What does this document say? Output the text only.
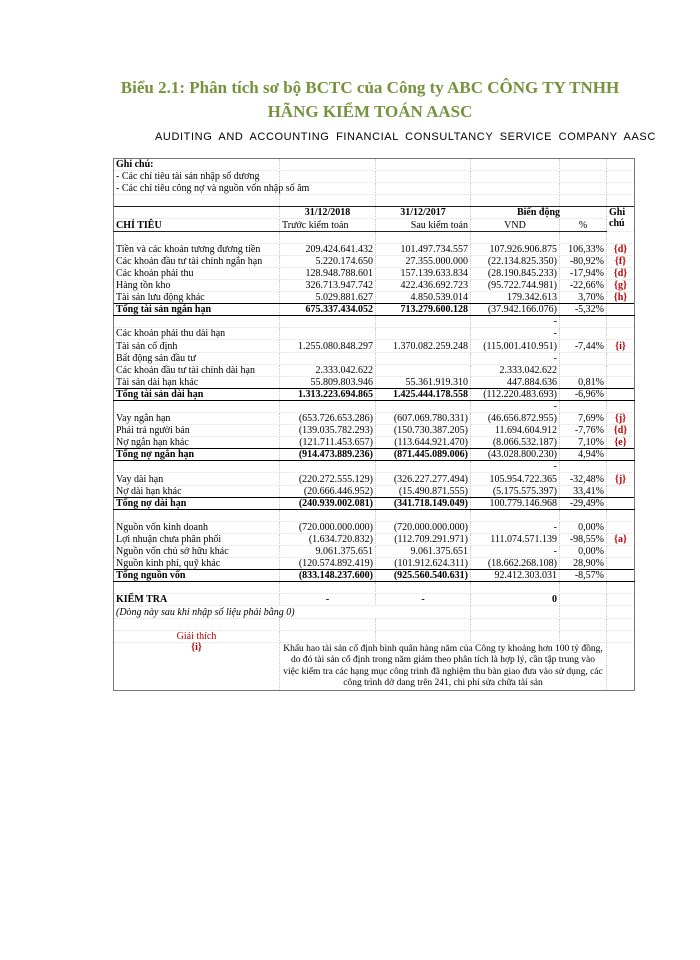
Biểu 2.1: Phân tích sơ bộ BCTC của Công ty ABC CÔNG TY TNHH HÃNG KIỂM TOÁN AASC
AUDITING AND ACCOUNTING FINANCIAL CONSULTANCY SERVICE COMPANY AASC
Ghi chú:					
- Các chỉ tiêu tài sản nhập số dương					
- Các chỉ tiêu công nợ và nguồn vốn nhập số âm					

	31/12/2018	31/12/2017	Biến động		Ghi chú
CHỈ TIÊU	Trước kiểm toán	Sau kiểm toán	VND	%	

Tiền và các khoản tương đương tiền	209.424.641.432	101.497.734.557	107.926.906.875	106,33%	{d}
Các khoản đầu tư tài chính ngắn hạn	5.220.174.650	27.355.000.000	(22.134.825.350)	-80,92%	{f}
Các khoản phải thu	128.948.788.601	157.139.633.834	(28.190.845.233)	-17,94%	{d}
Hàng tồn kho	326.713.947.742	422.436.692.723	(95.722.744.981)	-22,66%	{g}
Tài sản lưu động khác	5.029.881.627	4.850.539.014	179.342.613	3,70%	{h}
Tổng tài sản ngắn hạn	675.337.434.052	713.279.600.128	(37.942.166.076)	-5,32%	
			-		
Các khoản phải thu dài hạn			-		
Tài sản cố định	1.255.080.848.297	1.370.082.259.248	(115.001.410.951)	-7,44%	{i}
Bất động sản đầu tư			-		
Các khoản đầu tư tài chính dài hạn	2.333.042.622		2.333.042.622		
Tài sản dài hạn khác	55.809.803.946	55.361.919.310	447.884.636	0,81%	
Tổng tài sản dài hạn	1.313.223.694.865	1.425.444.178.558	(112.220.483.693)	-6,96%	
			-		
Vay ngắn hạn	(653.726.653.286)	(607.069.780.331)	(46.656.872.955)	7,69%	{j}
Phải trả người bán	(139.035.782.293)	(150.730.387.205)	11.694.604.912	-7,76%	{d}
Nợ ngắn hạn khác	(121.711.453.657)	(113.644.921.470)	(8.066.532.187)	7,10%	{e}
Tổng nợ ngắn hạn	(914.473.889.236)	(871.445.089.006)	(43.028.800.230)	4,94%	
			-		
Vay dài hạn	(220.272.555.129)	(326.227.277.494)	105.954.722.365	-32,48%	{j}
Nợ dài hạn khác	(20.666.446.952)	(15.490.871.555)	(5.175.575.397)	33,41%	
Tổng nợ dài hạn	(240.939.002.081)	(341.718.149.049)	100.779.146.968	-29,49%	

Nguồn vốn kinh doanh	(720.000.000.000)	(720.000.000.000)	-	0,00%	
Lợi nhuận chưa phân phối	(1.634.720.832)	(112.709.291.971)	111.074.571.139	-98,55%	{a}
Nguồn vốn chủ sở hữu khác	9.061.375.651	9.061.375.651	-	0,00%	
Nguồn kinh phí, quỹ khác	(120.574.892.419)	(101.912.624.311)	(18.662.268.108)	28,90%	
Tổng nguồn vốn	(833.148.237.600)	(925.560.540.631)	92.412.303.031	-8,57%	

KIỂM TRA	-	-	0		
(Dòng này sau khi nhập số liệu phải bằng 0)					

Giải thích					
{i}	Khấu hao tài sản cố định bình quân hàng năm của Công ty khoảng hơn 100 tỷ đồng, do đó tài sản cố định trong năm giảm theo phân tích là hợp lý, cần tập trung vào việc kiểm tra các hạng mục công trình đã nghiệm thu bàn giao đưa vào sử dụng, các công trình dở dang trên 241, chi phí sửa chữa tài sản				
